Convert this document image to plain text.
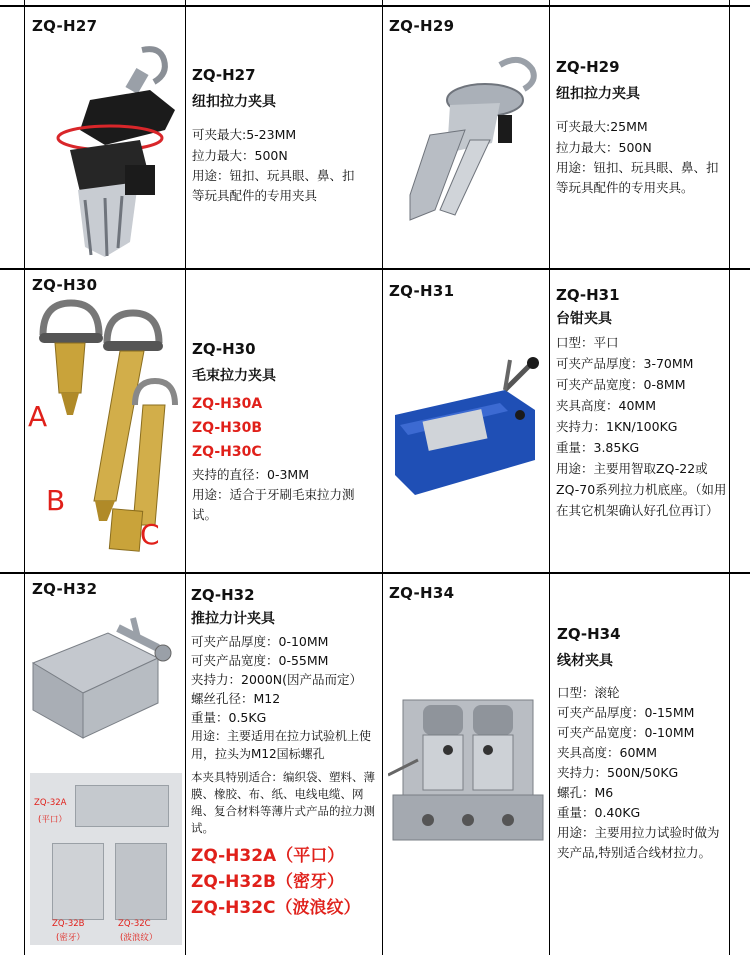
ZQ-H27
ZQ-H27
纽扣拉力夹具
可夹最大:5-23MM
拉力最大：500N
用途：钮扣、玩具眼、鼻、扣等玩具配件的专用夹具
ZQ-H29
ZQ-H29
纽扣拉力夹具
可夹最大:25MM
拉力最大：500N
用途：钮扣、玩具眼、鼻、扣等玩具配件的专用夹具。
ZQ-H30
A
B
C
ZQ-H30
毛束拉力夹具
ZQ-H30A
ZQ-H30B
ZQ-H30C
夹持的直径：0-3MM
用途：适合于牙刷毛束拉力测试。
ZQ-H31	ZQ-H31
台钳夹具
口型：平口
可夹产品厚度：3-70MM
可夹产品宽度：0-8MM
夹具高度：40MM
夹持力：1KN/100KG
重量：3.85KG
用途：主要用智取ZQ-22或ZQ-70系列拉力机底座。（如用在其它机架确认好孔位再订）
ZQ-H32
ZQ-32A
(平口）
ZQ-32B
(密牙）
ZQ-32C
(波浪纹）
ZQ-H32
推拉力计夹具
可夹产品厚度：0-10MM
可夹产品宽度：0-55MM
夹持力：2000N(因产品而定）
螺丝孔径：M12
重量：0.5KG
用途：主要适用在拉力试验机上使用，拉头为M12国标螺孔
本夹具特别适合：编织袋、塑料、薄膜、橡胶、布、纸、电线电缆、网绳、复合材料等薄片式产品的拉力测试。
ZQ-H32A（平口）
ZQ-H32B（密牙）
ZQ-H32C（波浪纹）
ZQ-H34
ZQ-H34
线材夹具
口型：滚轮
可夹产品厚度：0-15MM
可夹产品宽度：0-10MM
夹具高度：60MM
夹持力：500N/50KG
螺孔：M6
重量：0.40KG
用途：主要用拉力试验时做为夹产品,特别适合线材拉力。
